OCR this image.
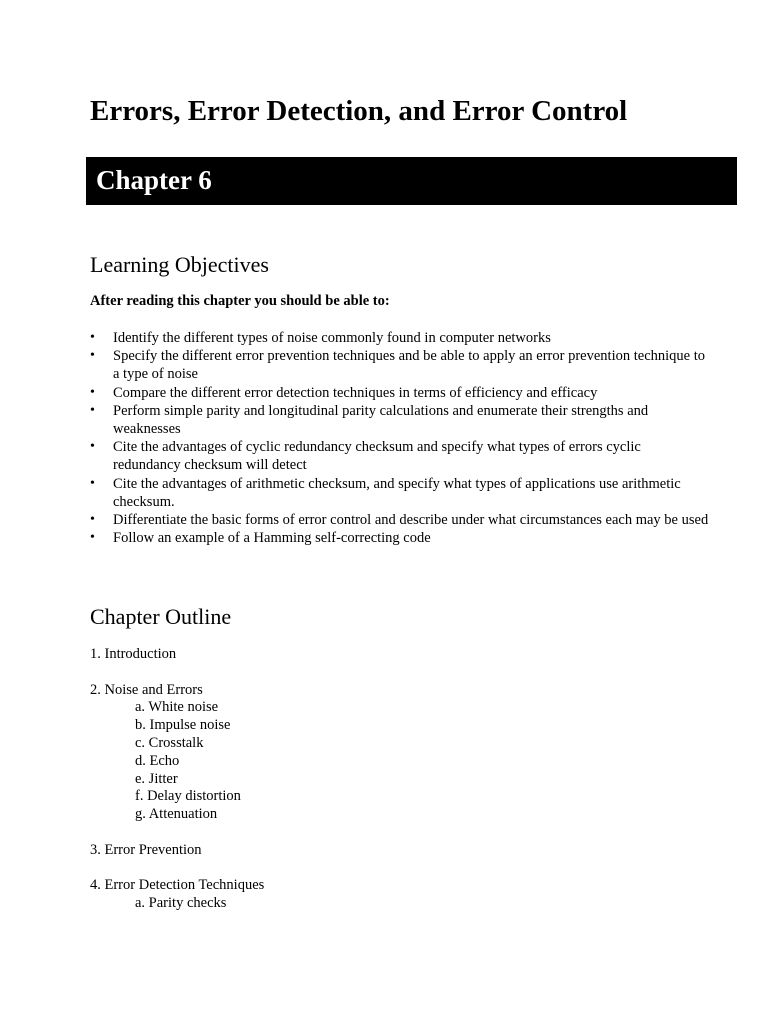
Errors, Error Detection, and Error Control
Chapter 6
Learning Objectives

After reading this chapter you should be able to:

• Identify the different types of noise commonly found in computer networks
• Specify the different error prevention techniques and be able to apply an error prevention technique to a type of noise
• Compare the different error detection techniques in terms of efficiency and efficacy
• Perform simple parity and longitudinal parity calculations and enumerate their strengths and weaknesses
• Cite the advantages of cyclic redundancy checksum and specify what types of errors cyclic redundancy checksum will detect
• Cite the advantages of arithmetic checksum, and specify what types of applications use arithmetic checksum.
• Differentiate the basic forms of error control and describe under what circumstances each may be used
• Follow an example of a Hamming self-correcting code
Chapter Outline
1. Introduction
2. Noise and Errors
a. White noise
b. Impulse noise
c. Crosstalk
d. Echo
e. Jitter
f. Delay distortion
g. Attenuation
3. Error Prevention
4. Error Detection Techniques
a. Parity checks
